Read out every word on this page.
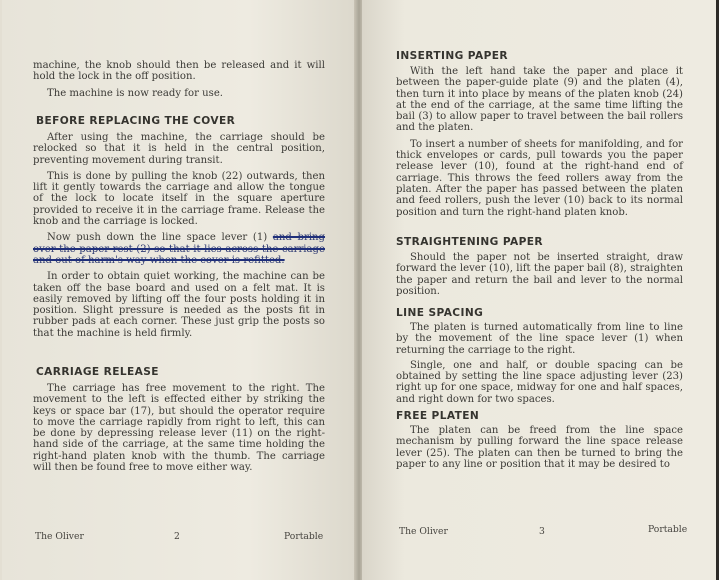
machine, the knob should then be released and it will hold the lock in the off position.

The machine is now ready for use.

BEFORE REPLACING THE COVER

After using the machine, the carriage should be relocked so that it is held in the central position, preventing movement during transit.

This is done by pulling the knob (22) outwards, then lift it gently towards the carriage and allow the tongue of the lock to locate itself in the square aperture provided to receive it in the carriage frame. Release the knob and the carriage is locked.

Now push down the line space lever (1) and bring over the paper rest (2) so that it lies across the carriage and out of harm's way when the cover is refitted.

In order to obtain quiet working, the machine can be taken off the base board and used on a felt mat. It is easily removed by lifting off the four posts holding it in position. Slight pressure is needed as the posts fit in rubber pads at each corner. These just grip the posts so that the machine is held firmly.

CARRIAGE RELEASE

The carriage has free movement to the right. The movement to the left is effected either by striking the keys or space bar (17), but should the operator require to move the carriage rapidly from right to left, this can be done by depressing release lever (11) on the right-hand side of the carriage, at the same time holding the right-hand platen knob with the thumb. The carriage will then be found free to move either way.

The Oliver	2	Portable
INSERTING PAPER

With the left hand take the paper and place it between the paper-guide plate (9) and the platen (4), then turn it into place by means of the platen knob (24) at the end of the carriage, at the same time lifting the bail (3) to allow paper to travel between the bail rollers and the platen.

To insert a number of sheets for manifolding, and for thick envelopes or cards, pull towards you the paper release lever (10), found at the right-hand end of carriage. This throws the feed rollers away from the platen. After the paper has passed between the platen and feed rollers, push the lever (10) back to its normal position and turn the right-hand platen knob.

STRAIGHTENING PAPER

Should the paper not be inserted straight, draw forward the lever (10), lift the paper bail (8), straighten the paper and return the bail and lever to the normal position.

LINE SPACING

The platen is turned automatically from line to line by the movement of the line space lever (1) when returning the carriage to the right.

Single, one and half, or double spacing can be obtained by setting the line space adjusting lever (23) right up for one space, midway for one and half spaces, and right down for two spaces.

FREE PLATEN

The platen can be freed from the line space mechanism by pulling forward the line space release lever (25). The platen can then be turned to bring the paper to any line or position that it may be desired to

The Oliver	3	Portable
